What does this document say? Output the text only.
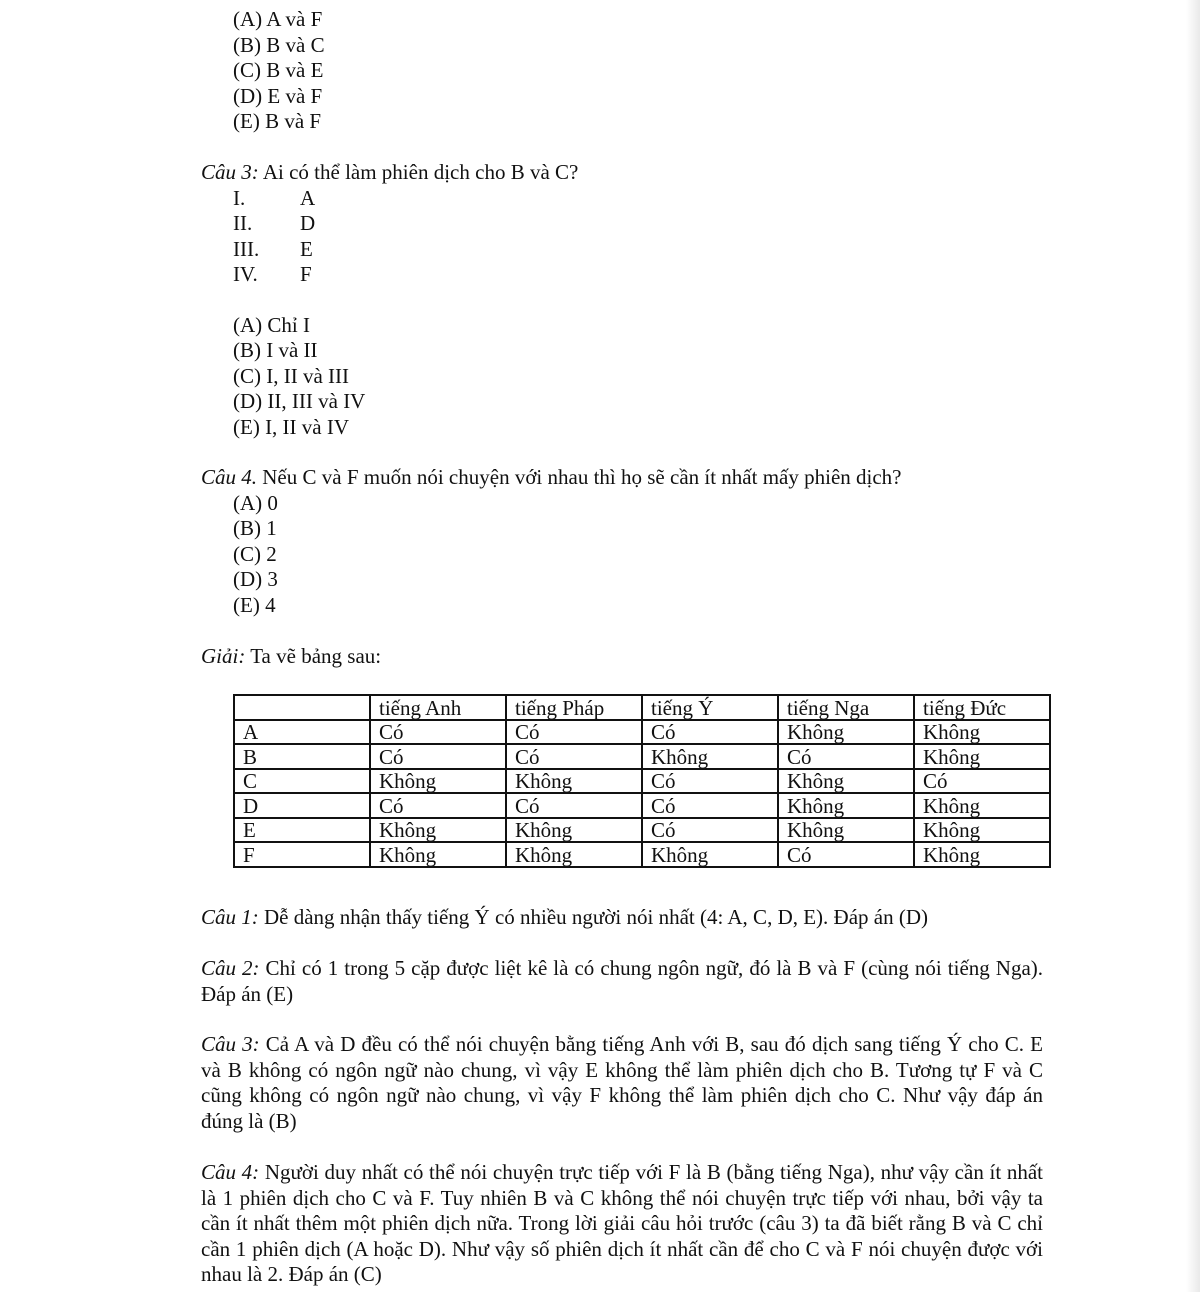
(A) A và F
(B) B và C
(C) B và E
(D) E và F
(E) B và F
Câu 3: Ai có thể làm phiên dịch cho B và C?
I.	A
II. D
III. E
IV. F
(A) Chỉ I
(B) I và II
(C) I, II và III
(D) II, III và IV
(E) I, II và IV
Câu 4. Nếu C và F muốn nói chuyện với nhau thì họ sẽ cần ít nhất mấy phiên dịch?
(A) 0
(B) 1
(C) 2
(D) 3
(E) 4
Giải: Ta vẽ bảng sau:
	tiếng Anh	tiếng Pháp	tiếng Ý	tiếng Nga	tiếng Đức
A	Có	Có	Có	Không	Không
B	Có	Có	Không	Có	Không
C	Không	Không	Có	Không	Có
D	Có	Có	Có	Không	Không
E	Không	Không	Có	Không	Không
F	Không	Không	Không	Có	Không
Câu 1: Dễ dàng nhận thấy tiếng Ý có nhiều người nói nhất (4: A, C, D, E). Đáp án (D)
Câu 2: Chỉ có 1 trong 5 cặp được liệt kê là có chung ngôn ngữ, đó là B và F (cùng nói tiếng Nga). Đáp án (E)
Câu 3: Cả A và D đều có thể nói chuyện bằng tiếng Anh với B, sau đó dịch sang tiếng Ý cho C. E và B không có ngôn ngữ nào chung, vì vậy E không thể làm phiên dịch cho B. Tương tự F và C cũng không có ngôn ngữ nào chung, vì vậy F không thể làm phiên dịch cho C. Như vậy đáp án đúng là (B)
Câu 4: Người duy nhất có thể nói chuyện trực tiếp với F là B (bằng tiếng Nga), như vậy cần ít nhất là 1 phiên dịch cho C và F. Tuy nhiên B và C không thể nói chuyện trực tiếp với nhau, bởi vậy ta cần ít nhất thêm một phiên dịch nữa. Trong lời giải câu hỏi trước (câu 3) ta đã biết rằng B và C chỉ cần 1 phiên dịch (A hoặc D). Như vậy số phiên dịch ít nhất cần để cho C và F nói chuyện được với nhau là 2. Đáp án (C)
